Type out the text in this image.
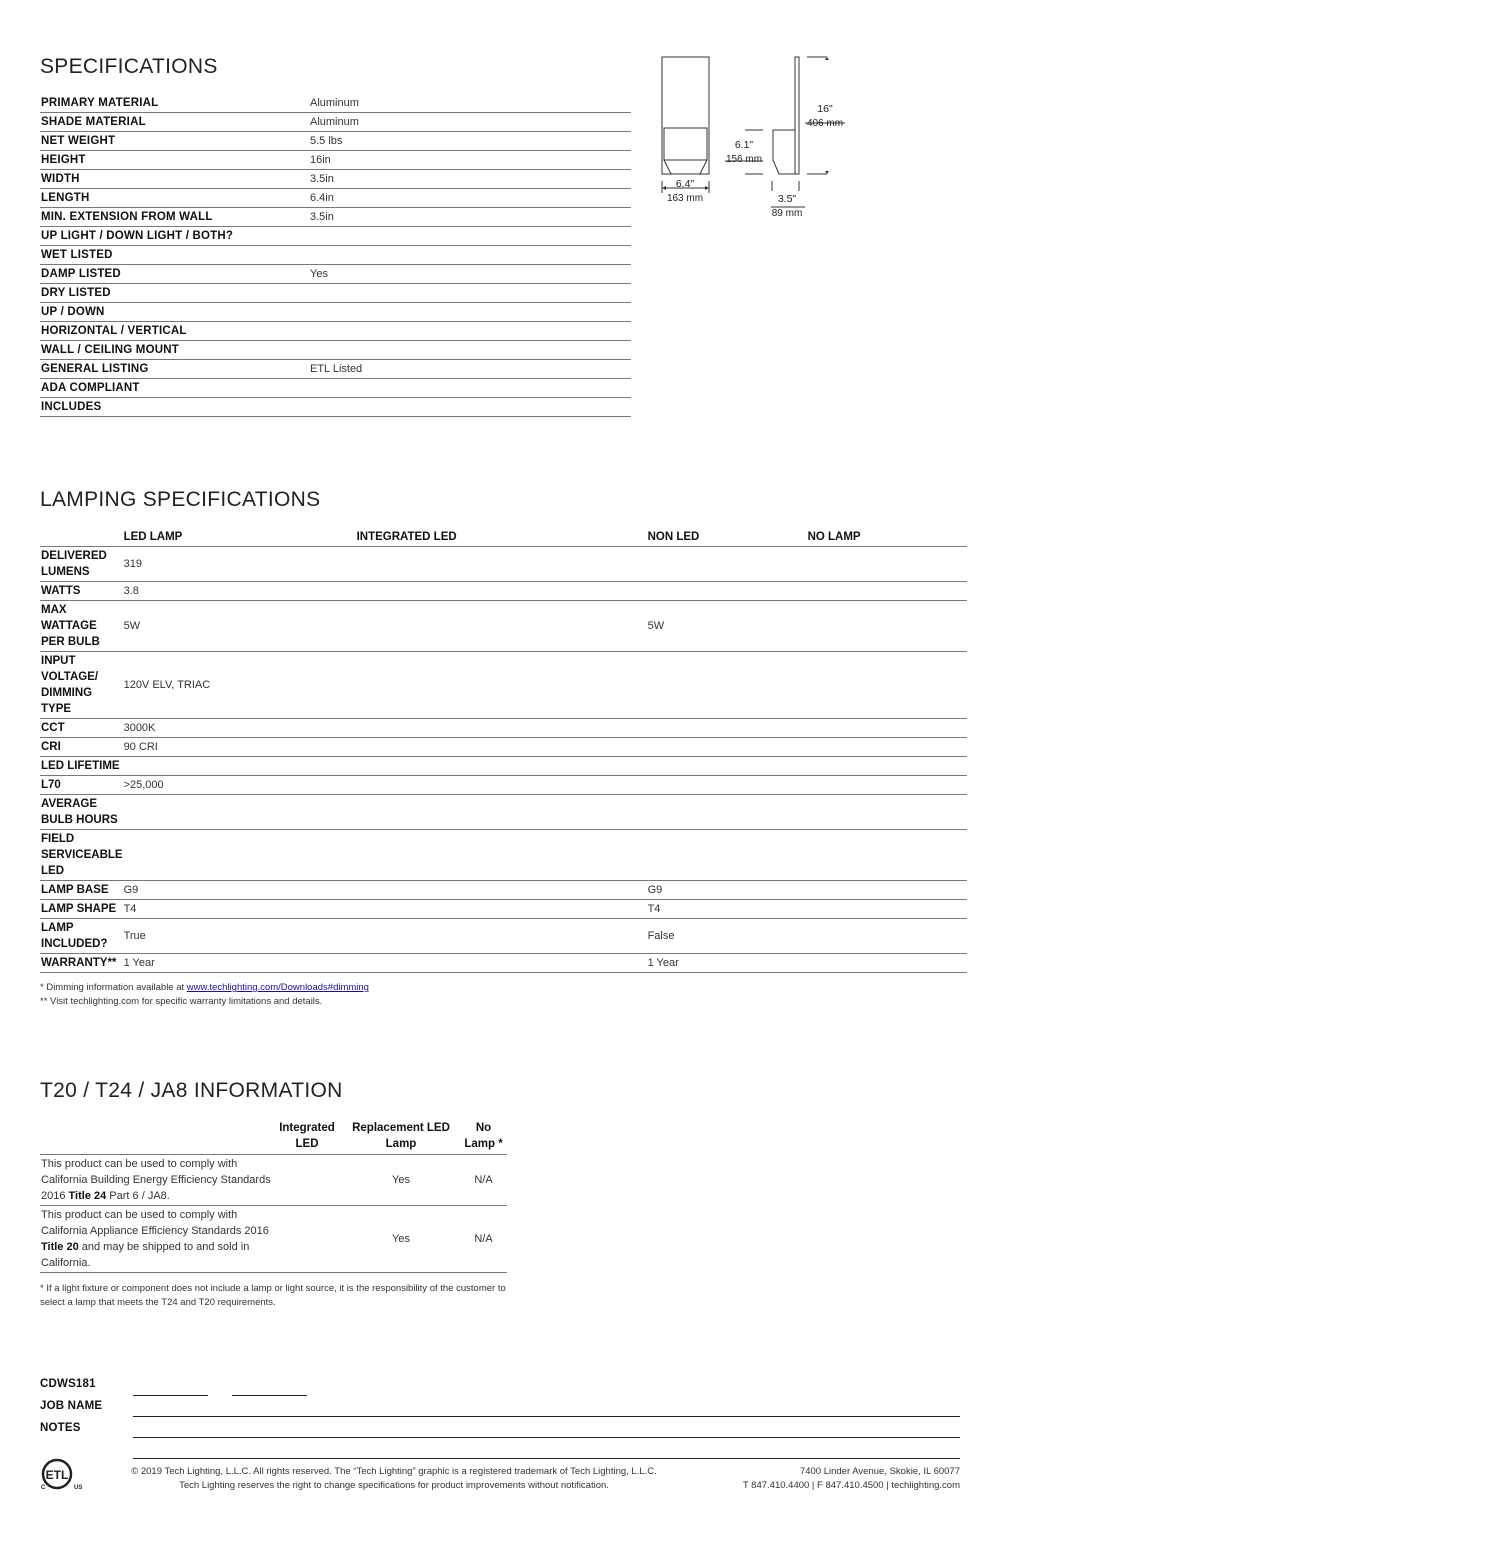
SPECIFICATIONS
PRIMARY MATERIAL	Aluminum
SHADE MATERIAL	Aluminum
NET WEIGHT	5.5 lbs
HEIGHT	16in
WIDTH	3.5in
LENGTH	6.4in
MIN. EXTENSION FROM WALL	3.5in
UP LIGHT / DOWN LIGHT / BOTH?	
WET LISTED	
DAMP LISTED	Yes
DRY LISTED	
UP / DOWN	
HORIZONTAL / VERTICAL	
WALL / CEILING MOUNT	
GENERAL LISTING	ETL Listed
ADA COMPLIANT	
INCLUDES	
6.4"
163 mm
6.1"
156 mm
16"
406 mm
3.5"
89 mm
LAMPING SPECIFICATIONS
	LED LAMP	INTEGRATED LED	NON LED	NO LAMP
DELIVERED LUMENS	319			
WATTS	3.8			
MAX WATTAGE PER BULB	5W		5W	
INPUT VOLTAGE/ DIMMING TYPE	120V ELV, TRIAC			
CCT	3000K			
CRI	90 CRI			
LED LIFETIME				
L70	>25,000			
AVERAGE BULB HOURS				
FIELD SERVICEABLE LED				
LAMP BASE	G9		G9	
LAMP SHAPE	T4		T4	
LAMP INCLUDED?	True		False	
WARRANTY**	1 Year		1 Year	
* Dimming information available at www.techlighting.com/Downloads#dimming
** Visit techlighting.com for specific warranty limitations and details.
T20 / T24 / JA8 INFORMATION
	Integrated LED	Replacement LED Lamp	No Lamp *
This product can be used to comply with California Building Energy Efficiency Standards 2016 Title 24 Part 6 / JA8.		Yes	N/A
This product can be used to comply with California Appliance Efficiency Standards 2016 Title 20 and may be shipped to and sold in California.		Yes	N/A
* If a light fixture or component does not include a lamp or light source, it is the responsibility of the customer to select a lamp that meets the T24 and T20 requirements.
CDWS181
JOB NAME
NOTES
ETL
C	US
© 2019 Tech Lighting, L.L.C. All rights reserved. The “Tech Lighting” graphic is a registered trademark of Tech Lighting, L.L.C.
Tech Lighting reserves the right to change specifications for product improvements without notification.
7400 Linder Avenue, Skokie, IL 60077
T 847.410.4400 | F 847.410.4500 | techlighting.com
